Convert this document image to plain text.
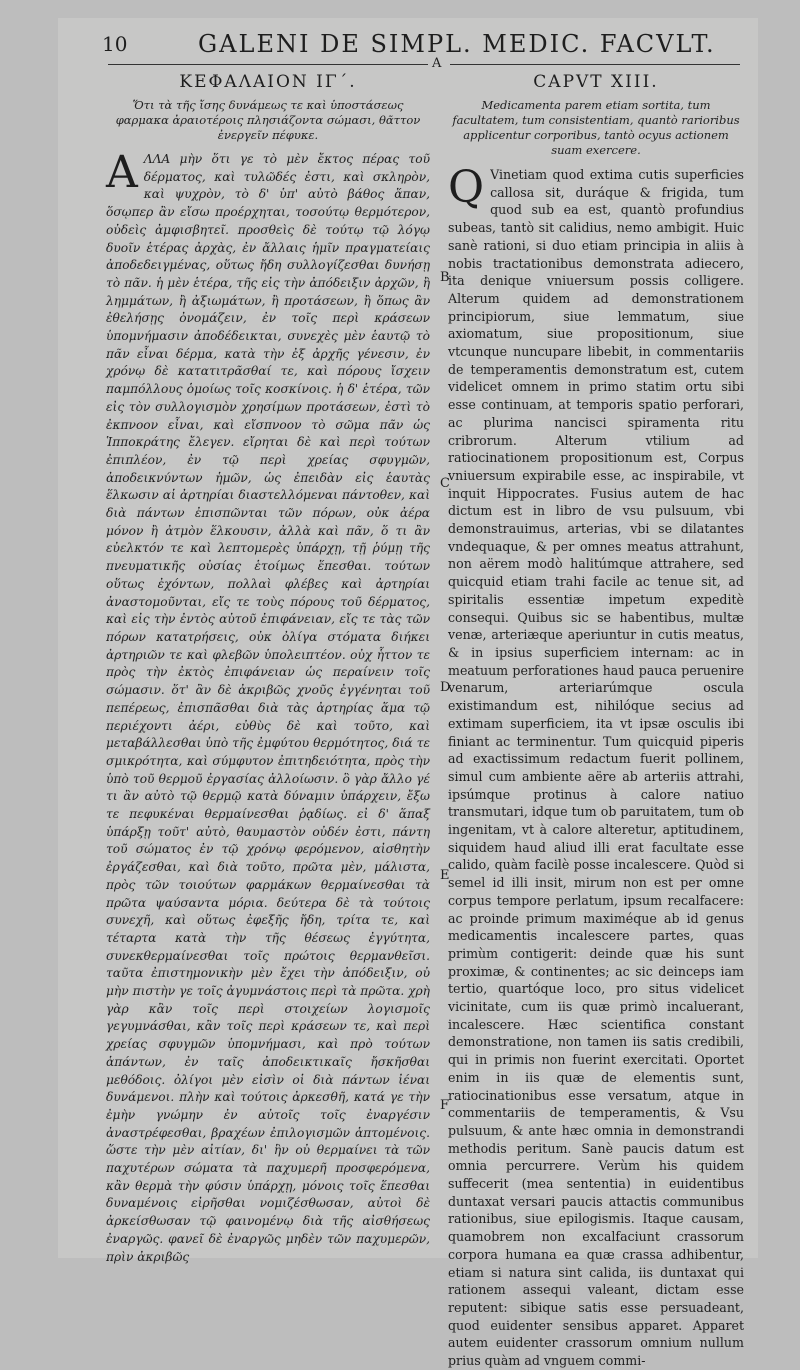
10	GALENI DE SIMPL. MEDIC. FACVLT.
A
ΚΕΦΑΛΑΙΟΝ ΙΓ΄.
Ὅτι τὰ τῆς ἴσης δυνάμεως τε καὶ ὑποστάσεως φαρμακα ἀραιοτέροις πλησιάζοντα σώμασι, θᾶττον ἐνεργεῖν πέφυκε.
Α ΛΛΑ μὴν ὅτι γε τὸ μὲν ἔκτος πέρας τοῦ δέρματος, καὶ τυλῶδές ἐστι, καὶ σκληρὸν, καὶ ψυχρὸν, τὸ δ' ὑπ' αὐτὸ βάθος ἅπαν, ὅσῳπερ ἂν εἴσω προέρχηται, τοσούτῳ θερμότερον, οὐδεὶς ἀμφισβητεῖ. προσθεὶς δὲ τούτῳ τῷ λόγῳ δυοῖν ἑτέρας ἀρχὰς, ἐν ἄλλαις ἡμῖν πραγματείαις ἀποδεδειγμένας, οὕτως ἤδη συλλογίζεσθαι δυνήσῃ τὸ πᾶν. ἡ μὲν ἑτέρα, τῆς εἰς τὴν ἀπόδειξιν ἀρχῶν, ἢ λημμάτων, ἢ ἀξιωμάτων, ἢ προτάσεων, ἢ ὅπως ἂν ἐθελήσῃς ὀνομάζειν, ἐν τοῖς περὶ κράσεων ὑπομνήμασιν ἀποδέδεικται, συνεχὲς μὲν ἑαυτῷ τὸ πᾶν εἶναι δέρμα, κατὰ τὴν ἐξ ἀρχῆς γένεσιν, ἐν χρόνῳ δὲ κατατιτρᾶσθαί τε, καὶ πόρους ἴσχειν παμπόλλους ὁμοίως τοῖς κοσκίνοις. ἡ δ' ἑτέρα, τῶν εἰς τὸν συλλογισμὸν χρησίμων προτάσεων, ἐστὶ τὸ ἐκπνοον εἶναι, καὶ εἴσπνοον τὸ σῶμα πᾶν ὡς Ἱπποκράτης ἔλεγεν. εἴρηται δὲ καὶ περὶ τούτων ἐπιπλέον, ἐν τῷ περὶ χρείας σφυγμῶν, ἀποδεικνύντων ἡμῶν, ὡς ἐπειδὰν εἰς ἑαυτὰς ἕλκωσιν αἱ ἀρτηρίαι διαστελλόμεναι πάντοθεν, καὶ διὰ πάντων ἐπισπῶνται τῶν πόρων, οὐκ ἀέρα μόνον ἢ ἀτμὸν ἕλκουσιν, ἀλλὰ καὶ πᾶν, ὅ τι ἂν εὐελκτόν τε καὶ λεπτομερὲς ὑπάρχῃ, τῇ ῥύμῃ τῆς πνευματικῆς οὐσίας ἑτοίμως ἕπεσθαι. τούτων οὕτως ἐχόντων, πολλαὶ φλέβες καὶ ἀρτηρίαι ἀναστομοῦνται, εἴς τε τοὺς πόρους τοῦ δέρματος, καὶ εἰς τὴν ἐντὸς αὐτοῦ ἐπιφάνειαν, εἴς τε τὰς τῶν πόρων κατατρήσεις, οὐκ ὀλίγα στόματα διήκει ἀρτηριῶν τε καὶ φλεβῶν ὑπολειπτέον. οὐχ ἧττον τε πρὸς τὴν ἐκτὸς ἐπιφάνειαν ὡς περαίνειν τοῖς σώμασιν. ὅτ' ἂν δὲ ἀκριβῶς χνοῦς ἐγγένηται τοῦ πεπέρεως, ἐπισπᾶσθαι διὰ τὰς ἀρτηρίας ἅμα τῷ περιέχοντι ἀέρι, εὐθὺς δὲ καὶ τοῦτο, καὶ μεταβάλλεσθαι ὑπὸ τῆς ἐμφύτου θερμότητος, διά τε σμικρότητα, καὶ σύμφυτον ἐπιτηδειότητα, πρὸς τὴν ὑπὸ τοῦ θερμοῦ ἐργασίας ἀλλοίωσιν. ὃ γὰρ ἄλλο γέ τι ἂν αὐτὸ τῷ θερμῷ κατὰ δύναμιν ὑπάρχειν, ἔξω τε πεφυκέναι θερμαίνεσθαι ῥᾳδίως. εἰ δ' ἅπαξ ὑπάρξῃ τοῦτ' αὐτὸ, θαυμαστὸν οὐδέν ἐστι, πάντη τοῦ σώματος ἐν τῷ χρόνῳ φερόμενον, αἰσθητὴν ἐργάζεσθαι, καὶ διὰ τοῦτο, πρῶτα μὲν, μάλιστα, πρὸς τῶν τοιούτων φαρμάκων θερμαίνεσθαι τὰ πρῶτα ψαύσαντα μόρια. δεύτερα δὲ τὰ τούτοις συνεχῆ, καὶ οὕτως ἐφεξῆς ἤδη, τρίτα τε, καὶ τέταρτα κατὰ τὴν τῆς θέσεως ἐγγύτητα, συνεκθερμαίνεσθαι τοῖς πρώτοις θερμανθεῖσι. ταῦτα ἐπιστημονικὴν μὲν ἔχει τὴν ἀπόδειξιν, οὐ μὴν πιστὴν γε τοῖς ἀγυμνάστοις περὶ τὰ πρῶτα. χρὴ γὰρ κἂν τοῖς περὶ στοιχείων λογισμοῖς γεγυμνάσθαι, κἂν τοῖς περὶ κράσεων τε, καὶ περὶ χρείας σφυγμῶν ὑπομνήμασι, καὶ πρὸ τούτων ἁπάντων, ἐν ταῖς ἀποδεικτικαῖς ἤσκῆσθαι μεθόδοις. ὀλίγοι μὲν εἰσὶν οἱ διὰ πάντων ἰέναι δυνάμενοι. πλὴν καὶ τούτοις ἀρκεσθῆ, κατά γε τὴν ἐμὴν γνώμην ἐν αὐτοῖς τοῖς ἐναργέσιν ἀναστρέφεσθαι, βραχέων ἐπιλογισμῶν ἁπτομένοις. ὥστε τὴν μὲν αἰτίαν, δι' ἣν οὐ θερμαίνει τὰ τῶν παχυτέρων σώματα τὰ παχυμερῆ προσφερόμενα, κἂν θερμὰ τὴν φύσιν ὑπάρχῃ, μόνοις τοῖς ἕπεσθαι δυναμένοις εἰρῆσθαι νομιζέσθωσαν, αὐτοὶ δὲ ἀρκείσθωσαν τῷ φαινομένῳ διὰ τῆς αἰσθήσεως ἐναργῶς. φανεῖ δὲ ἐναργῶς μηδὲν τῶν παχυμερῶν, πρὶν ἀκριβῶς
CAPVT XIII.
Medicamenta parem etiam sortita, tum facultatem, tum consistentiam, quantò rarioribus applicentur corporibus, tantò ocyus actionem suam exercere.
Q Vinetiam quod extima cutis superficies callosa sit, duráque & frigida, tum quod sub ea est, quantò profundius subeas, tantò sit calidius, nemo ambigit. Huic sanè rationi, si duo etiam principia in aliis à nobis tractationibus demonstrata adiecero, ita denique vniuersum possis colligere. Alterum quidem ad demonstrationem principiorum, siue lemmatum, siue axiomatum, siue propositionum, siue vtcunque nuncupare libebit, in commentariis de temperamentis demonstratum est, cutem videlicet omnem in primo statim ortu sibi esse continuam, at temporis spatio perforari, ac plurima nancisci spiramenta ritu cribrorum. Alterum vtilium ad ratiocinationem propositionum est, Corpus vniuersum expirabile esse, ac inspirabile, vt inquit Hippocrates. Fusius autem de hac dictum est in libro de vsu pulsuum, vbi demonstrauimus, arterias, vbi se dilatantes vndequaque, & per omnes meatus attrahunt, non aërem modò halitúmque attrahere, sed quicquid etiam trahi facile ac tenue sit, ad spiritalis essentiæ impetum expeditè consequi. Quibus sic se habentibus, multæ venæ, arteriæque aperiuntur in cutis meatus, & in ipsius superficiem internam: ac in meatuum perforationes haud pauca peruenire venarum, arteriarúmque oscula existimandum est, nihilóque secius ad extimam superficiem, ita vt ipsæ osculis ibi finiant ac terminentur. Tum quicquid piperis ad exactissimum redactum fuerit pollinem, simul cum ambiente aëre ab arteriis attrahi, ipsúmque protinus à calore natiuo transmutari, idque tum ob paruitatem, tum ob ingenitam, vt à calore alteretur, aptitudinem, siquidem haud aliud illi erat facultate esse calido, quàm facilè posse incalescere. Quòd si semel id illi insit, mirum non est per omne corpus tempore perlatum, ipsum recalfacere: ac proinde primum maximéque ab id genus medicamentis incalescere partes, quas primùm contigerit: deinde quæ his sunt proximæ, & continentes; ac sic deinceps iam tertio, quartóque loco, pro situs videlicet vicinitate, cum iis quæ primò incaluerant, incalescere. Hæc scientifica constant demonstratione, non tamen iis satis credibili, qui in primis non fuerint exercitati. Oportet enim in iis quæ de elementis sunt, ratiocinationibus esse versatum, atque in commentariis de temperamentis, & Vsu pulsuum, & ante hæc omnia in demonstrandi methodis peritum. Sanè paucis datum est omnia percurrere. Verùm his quidem suffecerit (mea sententia) in euidentibus duntaxat versari paucis attactis communibus rationibus, siue epilogismis. Itaque causam, quamobrem non excalfaciunt crassorum corpora humana ea quæ crassa adhibentur, etiam si natura sint calida, iis duntaxat qui rationem assequi valeant, dictam esse reputent: sibique satis esse persuadeant, quod euidenter sensibus apparet. Apparet autem euidenter crassorum omnium nullum prius quàm ad vnguem commi-
B
C
D
E
F
